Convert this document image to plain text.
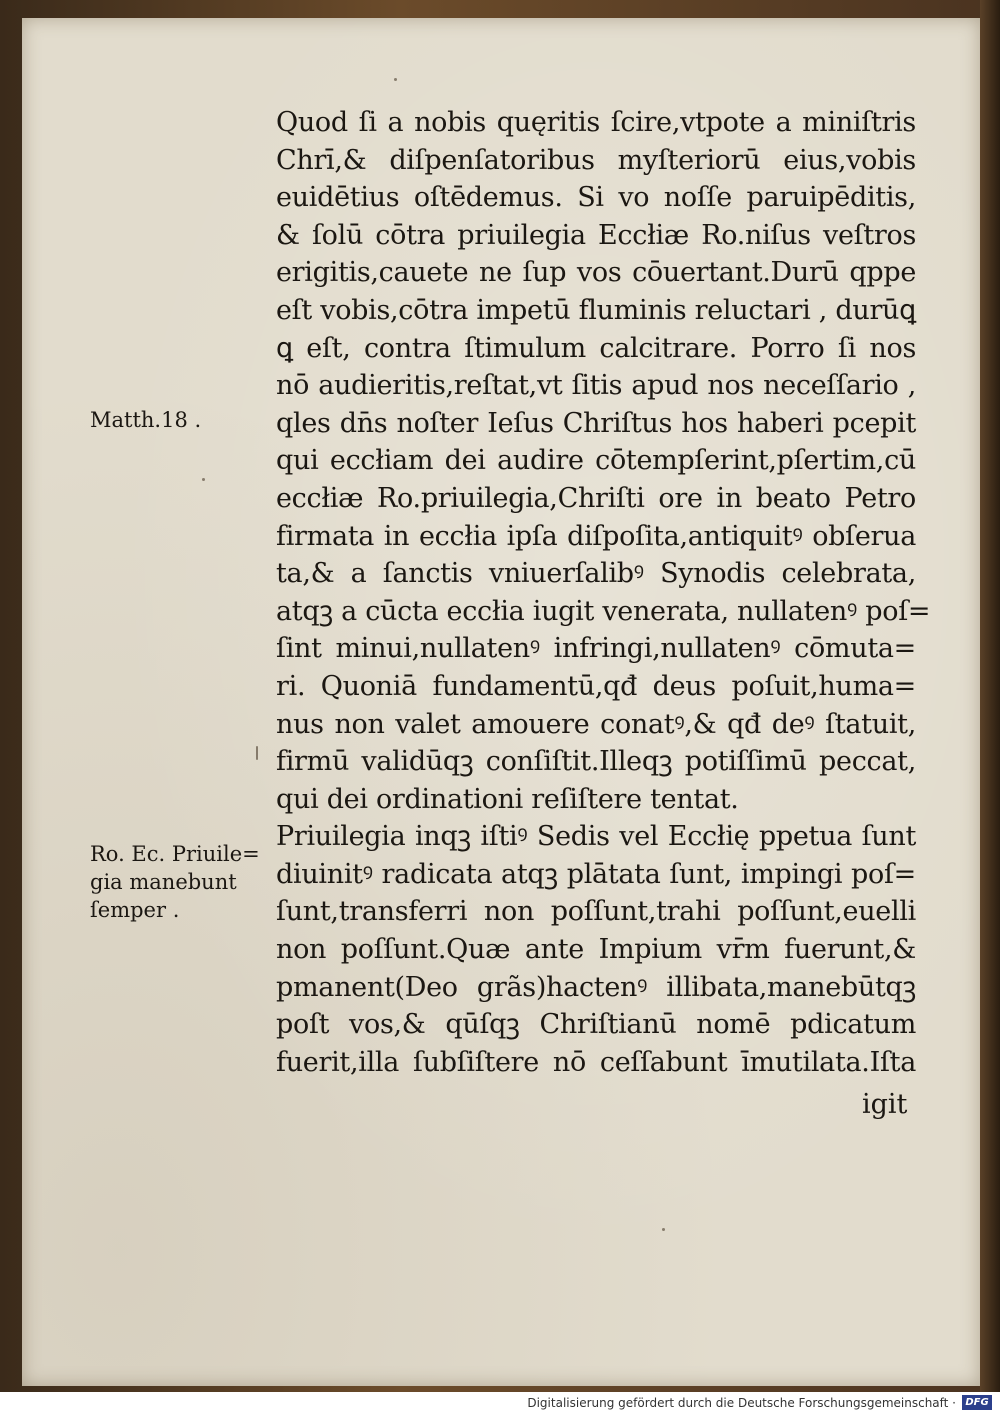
Quod ſi a nobis quęritis ſcire,vtpote a miniſtris
Chrī,& diſpenſatoribus myſteriorū eius,vobis
euidētius oſtēdemus. Si vo noſſe paruipēditis,
& ſolū cōtra priuilegia Eccłiæ Ro.niſus veſtros
erigitis,cauete ne ſup vos cōuertant.Durū qppe
eſt vobis,cōtra impetū fluminis reluctari , durūꝗ
ꝗ eſt, contra ſtimulum calcitrare. Porro ſi nos
nō audieritis,reſtat,vt ſitis apud nos neceſſario ,
qles dn̄s noſter Ieſus Chriſtus hos haberi pcepit
qui eccłiam dei audire cōtempſerint,pſertim,cū
eccłiæ Ro.priuilegia,Chriſti ore in beato Petro
firmata in eccłia ipſa diſpoſita,antiquitꝰ obſerua
ta,& a ſanctis vniuerſalibꝰ Synodis celebrata,
atqꝫ a cūcta eccłia iugit venerata, nullatenꝰ poſ=
ſint minui,nullatenꝰ infringi,nullatenꝰ cōmuta=
ri. Quoniā fundamentū,qđ deus poſuit,huma=
nus non valet amouere conatꝰ,& qđ deꝰ ſtatuit,
firmū validūqꝫ conſiſtit.Illeqꝫ potiſſimū peccat,
qui dei ordinationi reſiſtere tentat.
Priuilegia inqꝫ iſtiꝰ Sedis vel Eccłię ppetua ſunt
diuinitꝰ radicata atqꝫ plātata ſunt, impingi poſ=
ſunt,transferri non poſſunt,trahi poſſunt,euelli
non poſſunt.Quæ ante Impium vr̄m fuerunt,&
pmanent(Deo grãs)hactenꝰ illibata,manebūtqꝫ
poſt vos,& qūſqꝫ Chriſtianū nomē pdicatum
fuerit,illa ſubſiſtere nō ceſſabunt īmutilata.Iſta
igit
Matth.18 .
Ro. Ec. Priuile=
gia manebunt
ſemper .
Digitalisierung gefördert durch die Deutsche Forschungsgemeinschaft · DFG
